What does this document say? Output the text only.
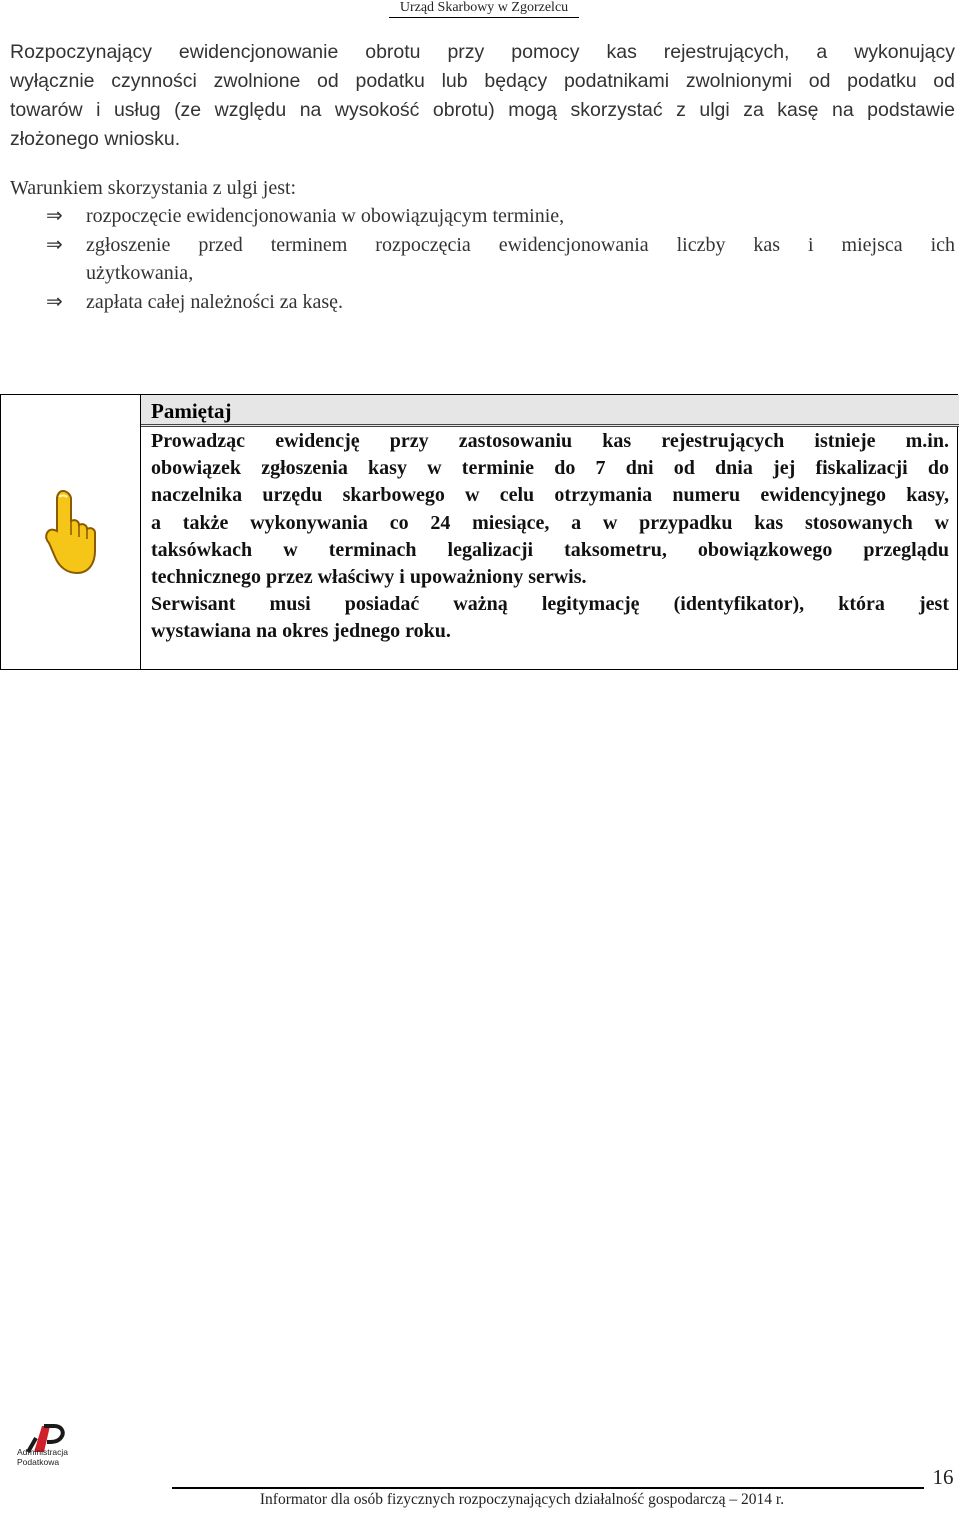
Urząd Skarbowy w Zgorzelcu
Rozpoczynający ewidencjonowanie obrotu przy pomocy kas rejestrujących, a wykonujący
wyłącznie czynności zwolnione od podatku lub będący podatnikami zwolnionymi od podatku od
towarów i usług (ze względu na wysokość obrotu) mogą skorzystać z ulgi za kasę na podstawie
złożonego wniosku.
Warunkiem skorzystania z ulgi jest:
⇒	rozpoczęcie ewidencjonowania w obowiązującym terminie,
⇒	zgłoszenie przed terminem rozpoczęcia ewidencjonowania liczby kas i miejsca ich
użytkowania,
⇒	zapłata całej należności za kasę.
Pamiętaj

Prowadząc ewidencję przy zastosowaniu kas rejestrujących istnieje m.in.

obowiązek zgłoszenia kasy w terminie do 7 dni od dnia jej fiskalizacji do

naczelnika urzędu skarbowego w celu otrzymania numeru ewidencyjnego kasy,

a także wykonywania co 24 miesiące, a w przypadku kas stosowanych w

taksówkach w terminach legalizacji taksometru, obowiązkowego przeglądu

technicznego przez właściwy i upoważniony serwis.

Serwisant musi posiadać ważną legitymację (identyfikator), która jest

wystawiana na okres jednego roku.

Administracja
Podatkowa
16
Informator dla osób fizycznych rozpoczynających działalność gospodarczą – 2014 r.
